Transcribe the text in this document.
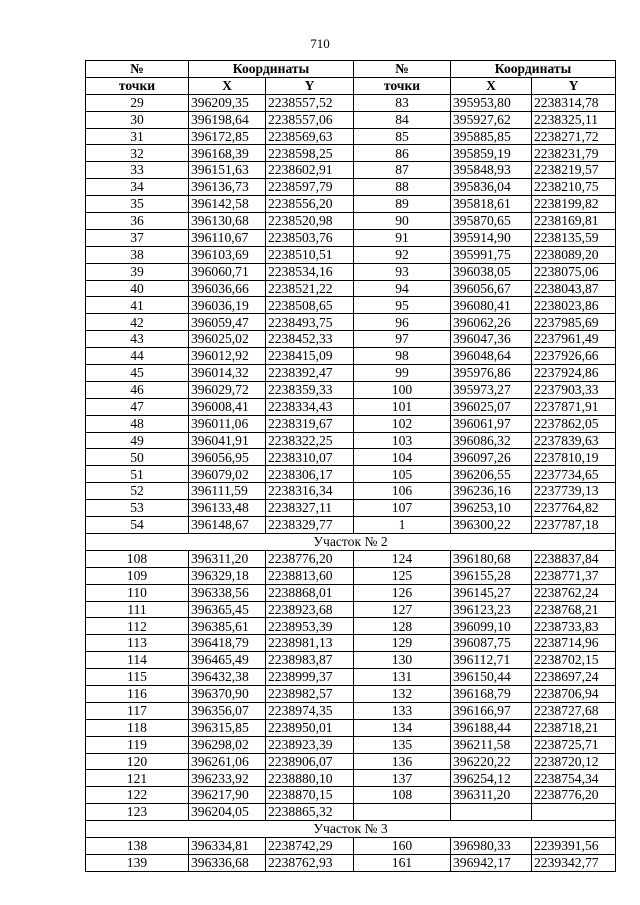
710
№	Координаты		№	Координаты	
точки	X	Y	точки	X	Y
29	396209,35	2238557,52	83	395953,80	2238314,78
30	396198,64	2238557,06	84	395927,62	2238325,11
31	396172,85	2238569,63	85	395885,85	2238271,72
32	396168,39	2238598,25	86	395859,19	2238231,79
33	396151,63	2238602,91	87	395848,93	2238219,57
34	396136,73	2238597,79	88	395836,04	2238210,75
35	396142,58	2238556,20	89	395818,61	2238199,82
36	396130,68	2238520,98	90	395870,65	2238169,81
37	396110,67	2238503,76	91	395914,90	2238135,59
38	396103,69	2238510,51	92	395991,75	2238089,20
39	396060,71	2238534,16	93	396038,05	2238075,06
40	396036,66	2238521,22	94	396056,67	2238043,87
41	396036,19	2238508,65	95	396080,41	2238023,86
42	396059,47	2238493,75	96	396062,26	2237985,69
43	396025,02	2238452,33	97	396047,36	2237961,49
44	396012,92	2238415,09	98	396048,64	2237926,66
45	396014,32	2238392,47	99	395976,86	2237924,86
46	396029,72	2238359,33	100	395973,27	2237903,33
47	396008,41	2238334,43	101	396025,07	2237871,91
48	396011,06	2238319,67	102	396061,97	2237862,05
49	396041,91	2238322,25	103	396086,32	2237839,63
50	396056,95	2238310,07	104	396097,26	2237810,19
51	396079,02	2238306,17	105	396206,55	2237734,65
52	396111,59	2238316,34	106	396236,16	2237739,13
53	396133,48	2238327,11	107	396253,10	2237764,82
54	396148,67	2238329,77	1	396300,22	2237787,18
Участок № 2					
108	396311,20	2238776,20	124	396180,68	2238837,84
109	396329,18	2238813,60	125	396155,28	2238771,37
110	396338,56	2238868,01	126	396145,27	2238762,24
111	396365,45	2238923,68	127	396123,23	2238768,21
112	396385,61	2238953,39	128	396099,10	2238733,83
113	396418,79	2238981,13	129	396087,75	2238714,96
114	396465,49	2238983,87	130	396112,71	2238702,15
115	396432,38	2238999,37	131	396150,44	2238697,24
116	396370,90	2238982,57	132	396168,79	2238706,94
117	396356,07	2238974,35	133	396166,97	2238727,68
118	396315,85	2238950,01	134	396188,44	2238718,21
119	396298,02	2238923,39	135	396211,58	2238725,71
120	396261,06	2238906,07	136	396220,22	2238720,12
121	396233,92	2238880,10	137	396254,12	2238754,34
122	396217,90	2238870,15	108	396311,20	2238776,20
123	396204,05	2238865,32			
Участок № 3					
138	396334,81	2238742,29	160	396980,33	2239391,56
139	396336,68	2238762,93	161	396942,17	2239342,77
